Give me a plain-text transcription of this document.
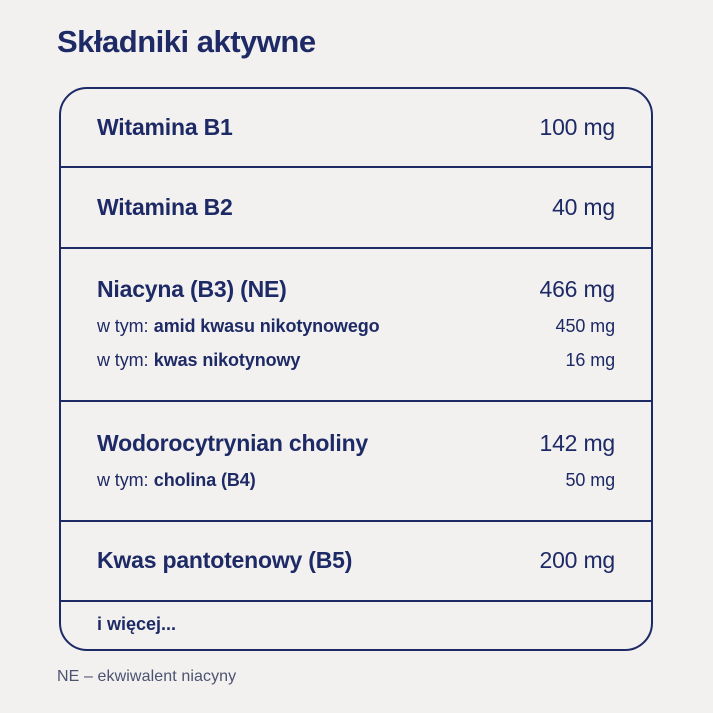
Składniki aktywne
Witamina B1	100 mg
Witamina B2	40 mg
Niacyna (B3) (NE)	466 mg
w tym: amid kwasu nikotynowego	450 mg
w tym: kwas nikotynowy	16 mg
Wodorocytrynian choliny	142 mg
w tym: cholina (B4)	50 mg
Kwas pantotenowy (B5)	200 mg
i więcej...
NE – ekwiwalent niacyny
